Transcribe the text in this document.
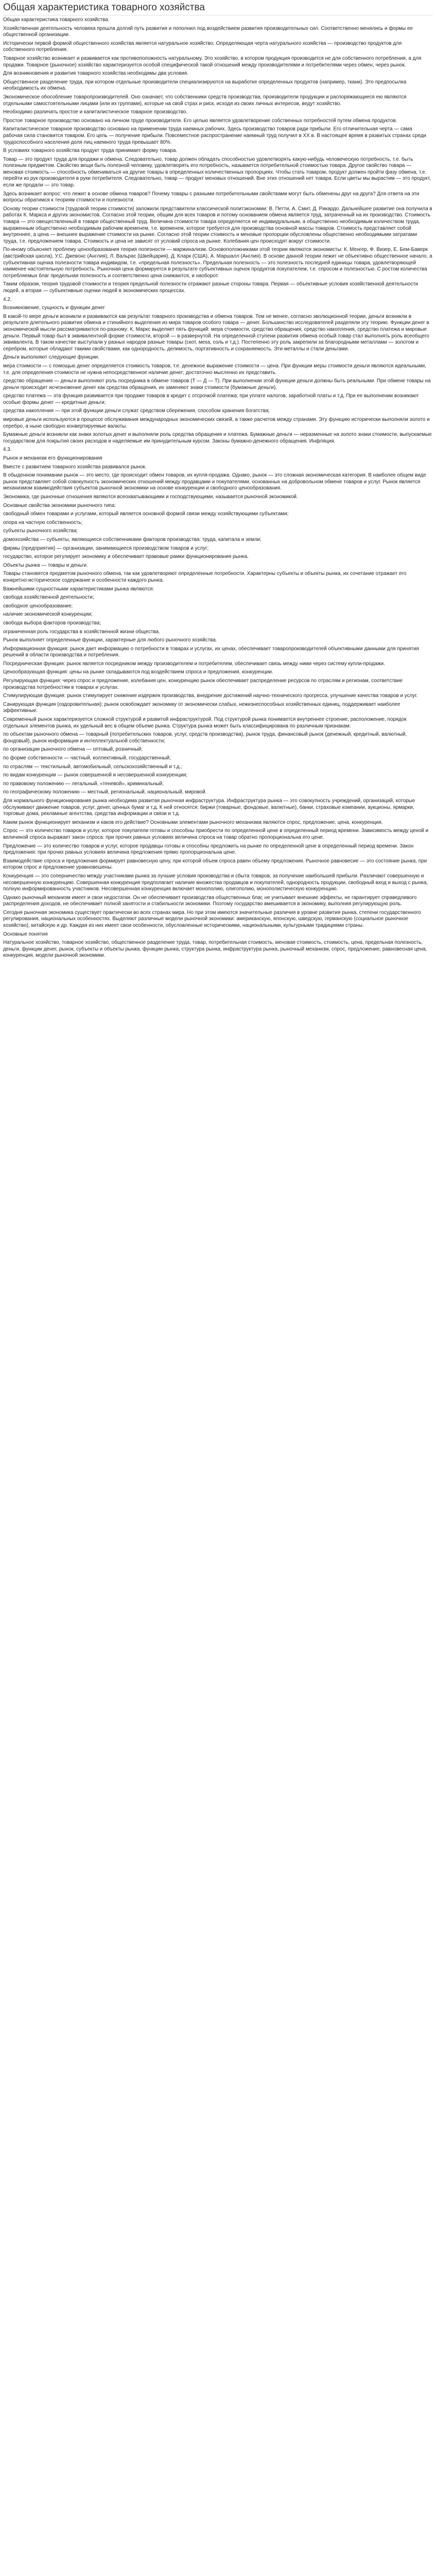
Общая характеристика товарного хозяйства

Общая характеристика товарного хозяйства.

Хозяйственная деятельность человека прошла долгий путь развития и пополнил под воздействием развития производительных сил. Соответственно менялись и формы ее общественной организации.

Исторически первой формой общественного хозяйства является натуральное хозяйство. Определяющая черта натурального хозяйства — производство продуктов для собственного потребления.

Товарное хозяйство возникает и развивается как противоположность натуральному. Это хозяйство, в котором продукция производится не для собственного потребления, а для продажи. Товарное (рыночное) хозяйство характеризуется особой специфической такой отношений между производителями и потребителями через обмен, через рынок.

Для возникновения и развития товарного хозяйства необходимы два условия.

Общественное разделение труда, при котором отдельные производители специализируются на выработке определенных продуктов (например, ткани). Это предпосылка необходимость их обмена.

Экономическое обособление товаропроизводителей. Оно означает, что собственники средств производства, производители продукции и распоряжающиеся ею являются отдельными самостоятельными лицами (или их группами), которые на свой страх и риск, исходя из своих личных интересов, ведут хозяйство.

Необходимо различать простое и капиталистическое товарное производство.

Простое товарное производство основано на личном труде производителя. Его целью является удовлетворение собственных потребностей путем обмена продуктов.

Капиталистическое товарное производство основано на применении труда наемных рабочих. Здесь производство товаров ради прибыли. Его отличительная черта — сама рабочая сила становится товаром. Его цель — получение прибыли. Повсеместное распространение наемный труд получил в XX в. В настоящее время в развитых странах среди трудоспособного населения доля лиц наемного труда превышает 80%.

В условиях товарного хозяйства продукт труда принимает форму товара.

Товар — это продукт труда для продажи и обмена. Следовательно, товар должен обладать способностью удовлетворять какую-нибудь человеческую потребность, т.е. быть полезным предметом. Свойство вещи быть полезной человеку, удовлетворять его потребность, называется потребительной стоимостью товара. Другое свойство товара — меновая стоимость — способность обмениваться на другие товары в определенных количественных пропорциях. Чтобы стать товаром, продукт должен пройти фазу обмена, т.е. перейти из рук производителя в руки потребителя. Следовательно, товар — продукт меновых отношений. Вне этих отношений нет товара. Если цветы мы вырастим — это продукт, если же продали — это товар.

Здесь возникает вопрос: что лежит в основе обмена товаров? Почему товары с разными потребительными свойствами могут быть обменены друг на друга? Для ответа на эти вопросы обратимся к теориям стоимости и полезности.

Основу теории стоимости (трудовой теории стоимости) заложили представители классической политэкономии: В. Петти, А. Смит, Д. Рикардо. Дальнейшее развитие она получила в работах К. Маркса и других экономистов. Согласно этой теории, общим для всех товаров и потому основанием обмена является труд, затраченный на их производство. Стоимость товара — это овеществленный в товаре общественный труд. Величина стоимости товара определяется не индивидуальным, а общественно необходимым количеством труда, выраженным общественно необходимым рабочим временем, т.е. временем, которое требуется для производства основной массы товаров. Стоимость представляет собой внутреннее, а цена — внешнее выражение стоимости на рынке. Согласно этой теории стоимость и меновые пропорции обусловлены общественно необходимыми затратами труда, т.е. предложением товара. Стоимость и цена не зависят от условий спроса на рынке. Колебания цен происходят вокруг стоимости.

По-иному объясняет проблему ценообразования теория полезности — маржинализм. Основоположниками этой теории являются экономисты: К. Менгер, Ф. Визер, Е. Бем-Баверк (австрийская школа), У.С. Джевонс (Англия), Л. Вальрас (Швейцария), Д. Кларк (США), А. Маршалл (Англия). В основе данной теории лежит не объективно общественное начало, а субъективная оценка полезности товара индивидом, т.е. «предельная полезность». Предельная полезность — это полезность последней единицы товара, удовлетворяющей наименее настоятельную потребность. Рыночная цена формируется в результате субъективных оценок продуктов покупателем, т.е. спросом и полезностью. С ростом количества потребляемых благ предельная полезность и соответственно цена снижаются, и наоборот.

Таким образом, теория трудовой стоимости и теория предельной полезности отражают разные стороны товара. Первая — объективные условия хозяйственной деятельности людей, а вторая — субъективные оценки людей в экономических процессах.

4.2.

Возникновение, сущность и функции денег

В какой-то мере деньги возникли и развиваются как результат товарного производства и обмена товаров. Тем не менее, согласно эволюционной теории, деньги возникли в результате длительного развития обмена и стихийного выделения из мира товаров особого товара — денег. Большинство исследователей разделяли эту теорию. Функции денег в экономической мысли рассматриваются по-разному: К. Маркс выделяет пять функций: мера стоимости, средство обращения, средство накопления, средство платежа и мировые деньги. Первый товар был в эквивалентной форме стоимости, второй — в развернутой. На определенной ступени развития обмена особый товар стал выполнять роль всеобщего эквивалента. В таком качестве выступали у разных народов разные товары (скот, меха, соль и т.д.). Постепенно эту роль закрепили за благородными металлами — золотом и серебром, которые обладают такими свойствами, как однородность, делимость, портативность и сохраняемость. Эти металлы и стали деньгами.

Деньги выполняют следующие функции.

мера стоимости — с помощью денег определяется стоимость товаров, т.е. денежное выражение стоимости — цена. При функции меры стоимости деньги являются идеальными, т.е. для определения стоимости не нужна непосредственное наличие денег; достаточно мысленно их представить.

средство обращения — деньги выполняют роль посредника в обмене товаров (Т — Д — Т). При выполнении этой функции деньги должны быть реальными. При обмене товары на деньги происходит исчезновение денег как средства обращения, их заменяют знаки стоимости (бумажные деньги).

средство платежа — эта функция развивается при продаже товаров в кредит с отсрочкой платежа; при уплате налогов, заработной платы и т.д. При ее выполнении возникают особые формы денег — кредитные деньги;

средства накопления — при этой функции деньги служат средством сбережения, способом хранения богатства;

мировые деньги используются в процессе обслуживания международных экономических связей, а также расчетов между странами. Эту функцию исторически выполняли золото и серебро, а ныне свободно конвертируемые валюты.

Бумажные деньги возникли как знаки золотых денег и выполняли роль средства обращения и платежа. Бумажные деньги — неразменные на золото знаки стоимости, выпускаемые государством для покрытия своих расходов и наделяемые им принудительным курсом. Законы бумажно-денежного обращения. Инфляция.

4.3.

Рынок и механизм его функционирования

Вместе с развитием товарного хозяйства развивался рынок.

В обыденном понимании рынок — это место, где происходит обмен товаров, их купля-продажа. Однако, рынок — это сложная экономическая категория. В наиболее общем виде рынок представляет собой совокупность экономических отношений между продавцами и покупателями, основанных на добровольном обмене товаров и услуг. Рынок является механизмом взаимодействия субъектов рыночной экономики на основе конкуренции и свободного ценообразования.

Экономика, где рыночные отношения являются всеохватывающими и господствующими, называется рыночной экономикой.

Основные свойства экономики рыночного типа:

свободный обмен товарами и услугами, который является основной формой связи между хозяйствующими субъектами;

опора на частную собственность;

субъекты рыночного хозяйства;

домохозяйства — субъекты, являющиеся собственниками факторов производства: труда, капитала и земли;

фирмы (предприятия) — организации, занимающиеся производством товаров и услуг;

государство, которое регулирует экономику и обеспечивает правовые рамки функционирования рынка.

Объекты рынка — товары и деньги.

Товары становятся предметом рыночного обмена, так как удовлетворяют определенные потребности. Характерны субъекты и объекты рынка, их сочетание отражает его конкретно-историческое содержание и особенности каждого рынка.

Важнейшими сущностными характеристиками рынка являются:

свобода хозяйственной деятельности;

свободное ценообразование;

наличие экономической конкуренции;

свобода выбора факторов производства;

ограниченная роль государства в хозяйственной жизни общества.

Рынок выполняет определенные функции, характерные для любого рыночного хозяйства.

Информационная функция: рынок дает информацию о потребности в товарах и услугах, их ценах, обеспечивает товаропроизводителей объективными данными для принятия решений в области производства и потребления.

Посредническая функция: рынок является посредником между производителем и потребителем, обеспечивает связь между ними через систему купли-продажи.

Ценообразующая функция: цены на рынке складываются под воздействием спроса и предложения, конкуренции.

Регулирующая функция: через спрос и предложение, колебания цен, конкуренцию рынок обеспечивает распределение ресурсов по отраслям и регионам, соответствие производства потребностям в товарах и услугах.

Стимулирующая функция: рынок стимулирует снижение издержек производства, внедрение достижений научно-технического прогресса, улучшение качества товаров и услуг.

Санирующая функция (оздоровительная): рынок освобождает экономику от экономически слабых, нежизнеспособных хозяйственных единиц, поддерживает наиболее эффективные.

Современный рынок характеризуется сложной структурой и развитой инфраструктурой. Под структурой рынка понимается внутреннее строение, расположение, порядок отдельных элементов рынка, их удельный вес в общем объеме рынка. Структура рынка может быть классифицирована по различным признакам:

по объектам рыночного обмена — товарный (потребительских товаров, услуг, средств производства), рынок труда, финансовый рынок (денежный, кредитный, валютный, фондовый), рынок информации и интеллектуальной собственности;

по организации рыночного обмена — оптовый, розничный;

по форме собственности — частный, коллективный, государственный;

по отраслям — текстильный, автомобильный, сельскохозяйственный и т.д.;

по видам конкуренции — рынок совершенной и несовершенной конкуренции;

по правовому положению — легальный, «теневой», криминальный;

по географическому положению — местный, региональный, национальный, мировой.

Для нормального функционирования рынка необходима развитая рыночная инфраструктура. Инфраструктура рынка — это совокупность учреждений, организаций, которые обслуживают движение товаров, услуг, денег, ценных бумаг и т.д. К ней относятся: биржи (товарные, фондовые, валютные), банки, страховые компании, аукционы, ярмарки, торговые дома, рекламные агентства, средства информации и связи и т.д.

Каким рынок функционирует механизм и каков его действие? Основными элементами рыночного механизма являются спрос, предложение, цена, конкуренция.

Спрос — это количество товаров и услуг, которое покупатели готовы и способны приобрести по определенной цене в определенный период времени. Зависимость между ценой и величиной спроса выражает закон спроса: при прочих равных условиях величина спроса на товар обратно пропорциональна его цене.

Предложение — это количество товаров и услуг, которое продавцы готовы и способны предложить на рынке по определенной цене в определенный период времени. Закон предложения: при прочих равных условиях величина предложения прямо пропорциональна цене.

Взаимодействие спроса и предложения формирует равновесную цену, при которой объем спроса равен объему предложения. Рыночное равновесие — это состояние рынка, при котором спрос и предложение уравновешены.

Конкуренция — это соперничество между участниками рынка за лучшие условия производства и сбыта товаров, за получение наибольшей прибыли. Различают совершенную и несовершенную конкуренцию. Совершенная конкуренция предполагает наличие множества продавцов и покупателей, однородность продукции, свободный вход и выход с рынка, полную информированность участников. Несовершенная конкуренция включает монополию, олигополию, монополистическую конкуренцию.

Однако рыночный механизм имеет и свои недостатки. Он не обеспечивает производства общественных благ, не учитывает внешние эффекты, не гарантирует справедливого распределения доходов, не обеспечивает полной занятости и стабильности экономики. Поэтому государство вмешивается в экономику, выполняя регулирующую роль.

Сегодня рыночная экономика существует практически во всех странах мира. Но при этом имеются значительные различия в уровне развития рынка, степени государственного регулирования, национальных особенностях. Выделяют различные модели рыночной экономики: американскую, японскую, шведскую, германскую (социальное рыночное хозяйство), китайскую и др. Каждая из них имеет свои особенности, обусловленные историческими, национальными, культурными традициями страны.

Основные понятия

Натуральное хозяйство, товарное хозяйство, общественное разделение труда, товар, потребительная стоимость, меновая стоимость, стоимость, цена, предельная полезность, деньги, функции денег, рынок, субъекты и объекты рынка, функции рынка, структура рынка, инфраструктура рынка, рыночный механизм, спрос, предложение, равновесная цена, конкуренция, модели рыночной экономики.
